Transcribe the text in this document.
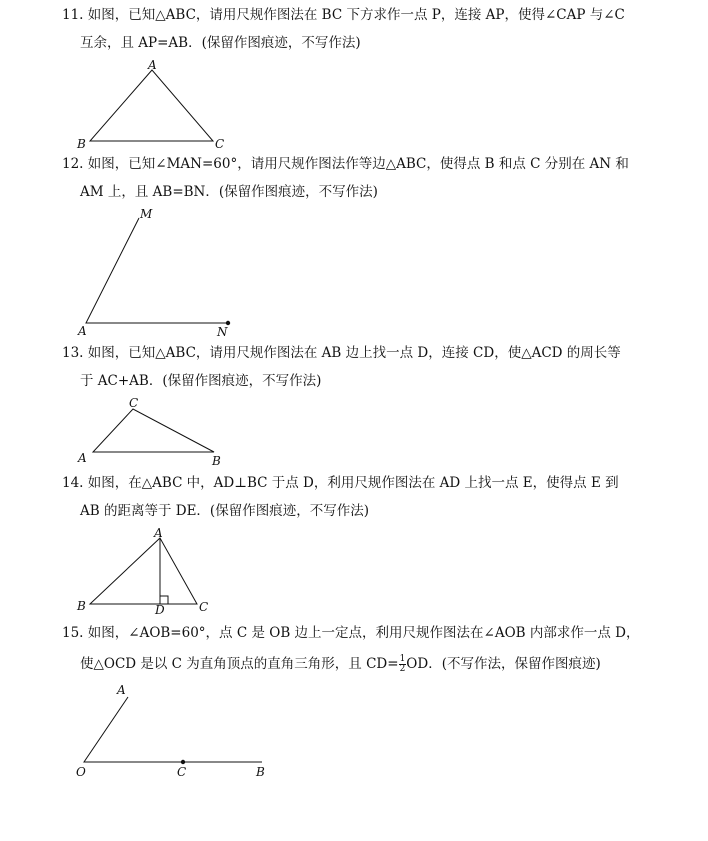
11. 如图，已知△ABC，请用尺规作图法在 BC 下方求作一点 P，连接 AP，使得∠CAP 与∠C
互余，且 AP=AB．(保留作图痕迹，不写作法)
12. 如图，已知∠MAN=60°，请用尺规作图法作等边△ABC，使得点 B 和点 C 分别在 AN 和
AM 上，且 AB=BN．(保留作图痕迹，不写作法)
13. 如图，已知△ABC，请用尺规作图法在 AB 边上找一点 D，连接 CD，使△ACD 的周长等
于 AC+AB．(保留作图痕迹，不写作法)
14. 如图，在△ABC 中，AD⊥BC 于点 D，利用尺规作图法在 AD 上找一点 E，使得点 E 到
AB 的距离等于 DE．(保留作图痕迹，不写作法)
15. 如图，∠AOB=60°，点 C 是 OB 边上一定点，利用尺规作图法在∠AOB 内部求作一点 D，
使△OCD 是以 C 为直角顶点的直角三角形，且 $CD= \frac{1}{2}$ OD．(不写作法，保留作图痕迹)
A
B	C
M
A	N
C
A	B
A
B	C
D
A
O	C	B
